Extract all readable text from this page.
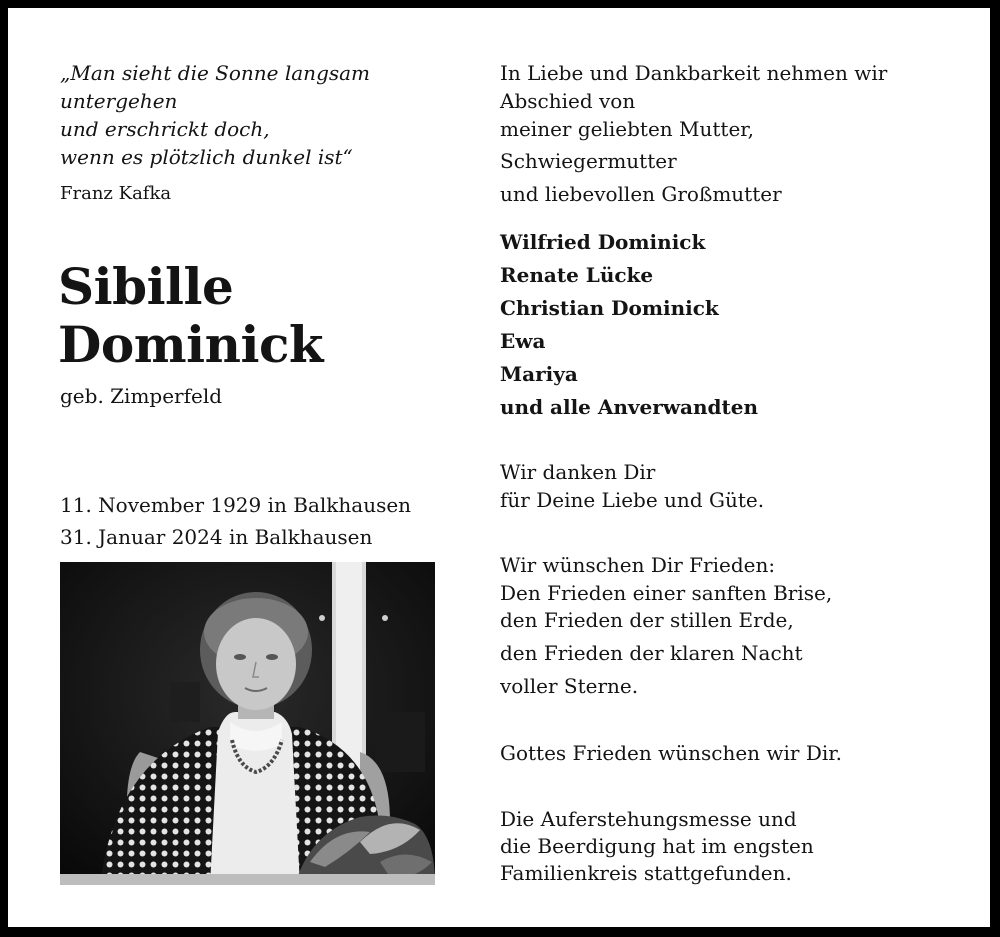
„Man sieht die Sonne langsam
untergehen
und erschrickt doch,
wenn es plötzlich dunkel ist“
Franz Kafka
Sibille
Dominick
geb. Zimperfeld
11. November 1929 in Balkhausen
31. Januar 2024 in Balkhausen
In Liebe und Dankbarkeit nehmen wir
Abschied von
meiner geliebten Mutter,
Schwiegermutter
und liebevollen Großmutter
Wilfried Dominick
Renate Lücke
Christian Dominick
Ewa
Mariya
und alle Anverwandten
Wir danken Dir
für Deine Liebe und Güte.
Wir wünschen Dir Frieden:
Den Frieden einer sanften Brise,
den Frieden der stillen Erde,
den Frieden der klaren Nacht
voller Sterne.
Gottes Frieden wünschen wir Dir.
Die Auferstehungsmesse und
die Beerdigung hat im engsten
Familienkreis stattgefunden.
